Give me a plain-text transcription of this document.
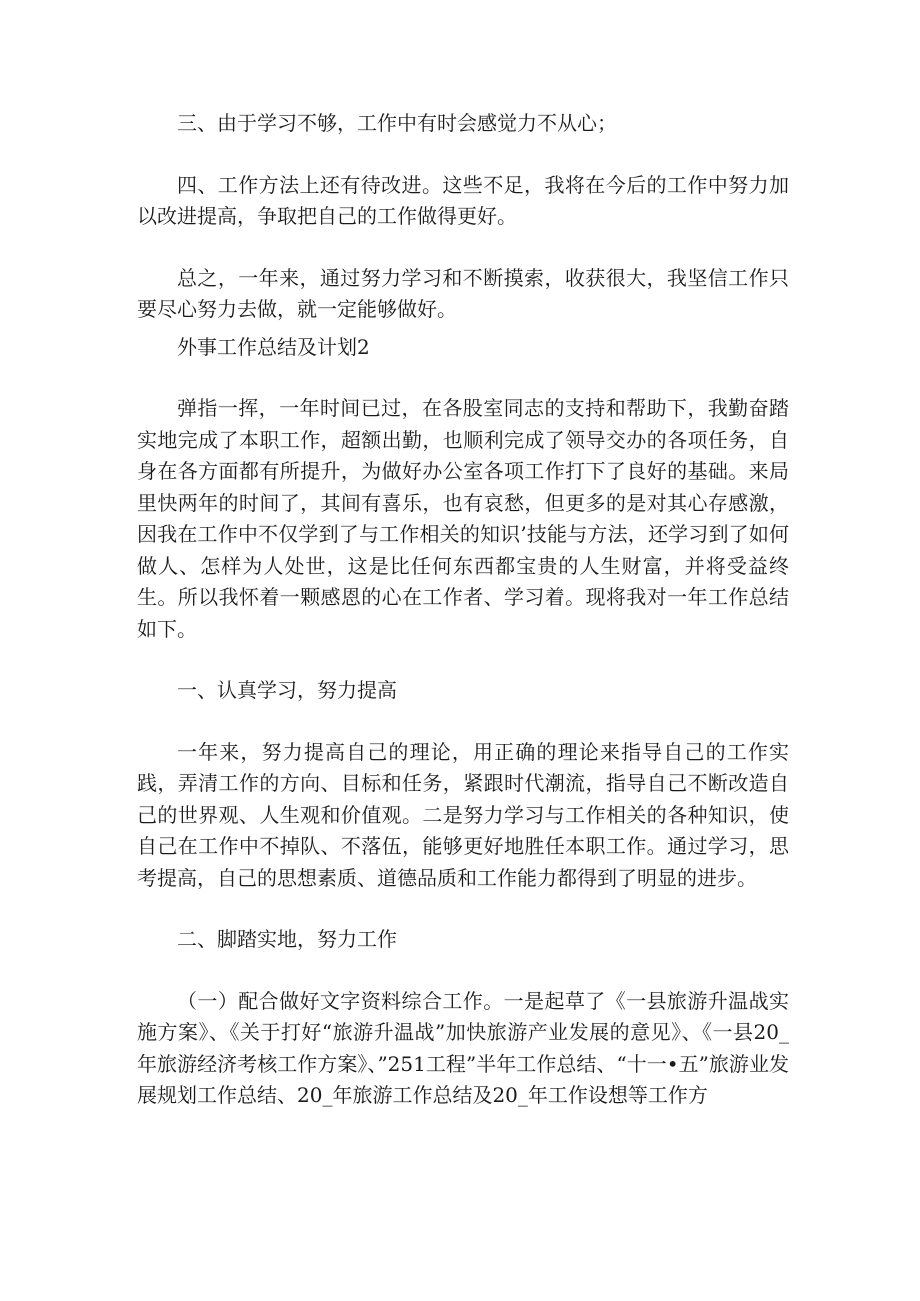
三、由于学习不够，工作中有时会感觉力不从心；

四、工作方法上还有待改进。这些不足，我将在今后的工作中努力加以改进提高，争取把自己的工作做得更好。

总之，一年来，通过努力学习和不断摸索，收获很大，我坚信工作只要尽心努力去做，就一定能够做好。

外事工作总结及计划2

弹指一挥，一年时间已过，在各股室同志的支持和帮助下，我勤奋踏实地完成了本职工作，超额出勤，也顺利完成了领导交办的各项任务，自身在各方面都有所提升，为做好办公室各项工作打下了良好的基础。来局里快两年的时间了，其间有喜乐，也有哀愁，但更多的是对其心存感激，因我在工作中不仅学到了与工作相关的知识’技能与方法，还学习到了如何做人、怎样为人处世，这是比任何东西都宝贵的人生财富，并将受益终生。所以我怀着一颗感恩的心在工作者、学习着。现将我对一年工作总结如下。

一、认真学习，努力提高

一年来，努力提高自己的理论，用正确的理论来指导自己的工作实践，弄清工作的方向、目标和任务，紧跟时代潮流，指导自己不断改造自己的世界观、人生观和价值观。二是努力学习与工作相关的各种知识，使自己在工作中不掉队、不落伍，能够更好地胜任本职工作。通过学习，思考提高，自己的思想素质、道德品质和工作能力都得到了明显的进步。

二、脚踏实地，努力工作

（一）配合做好文字资料综合工作。一是起草了《一县旅游升温战实施方案》、《关于打好“旅游升温战”加快旅游产业发展的意见》、《一县20_年旅游经济考核工作方案》、”251工程”半年工作总结、“十一•五”旅游业发展规划工作总结、20_年旅游工作总结及20_年工作设想等工作方
